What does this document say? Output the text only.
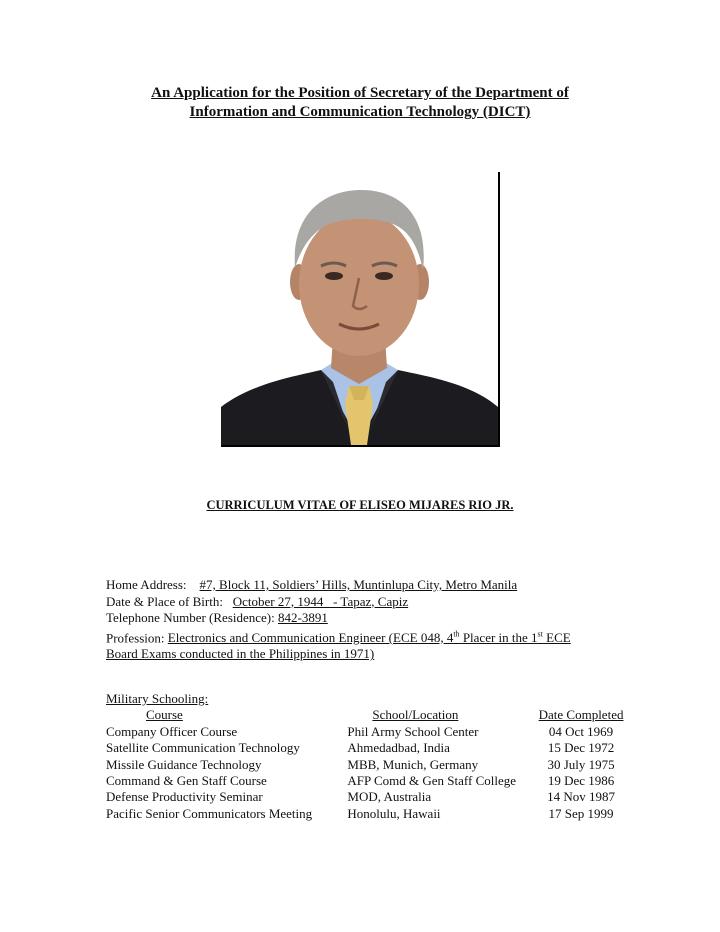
An Application for the Position of Secretary of the Department of
Information and Communication Technology (DICT)
CURRICULUM VITAE OF ELISEO MIJARES RIO JR.
Home Address: #7, Block 11, Soldiers’ Hills, Muntinlupa City, Metro Manila
Date & Place of Birth: October 27, 1944   - Tapaz, Capiz
Telephone Number (Residence): 842-3891
Profession: Electronics and Communication Engineer (ECE 048, 4th Placer in the 1st ECE
Board Exams conducted in the Philippines in 1971)
Military Schooling:
Course	School/Location	Date Completed
Company Officer Course	Phil Army School Center	04 Oct 1969
Satellite Communication Technology	Ahmedadbad, India	15 Dec 1972
Missile Guidance Technology	MBB, Munich, Germany	30 July 1975
Command & Gen Staff Course	AFP Comd & Gen Staff College	19 Dec 1986
Defense Productivity Seminar	MOD, Australia	14 Nov 1987
Pacific Senior Communicators Meeting	Honolulu, Hawaii	17 Sep 1999
